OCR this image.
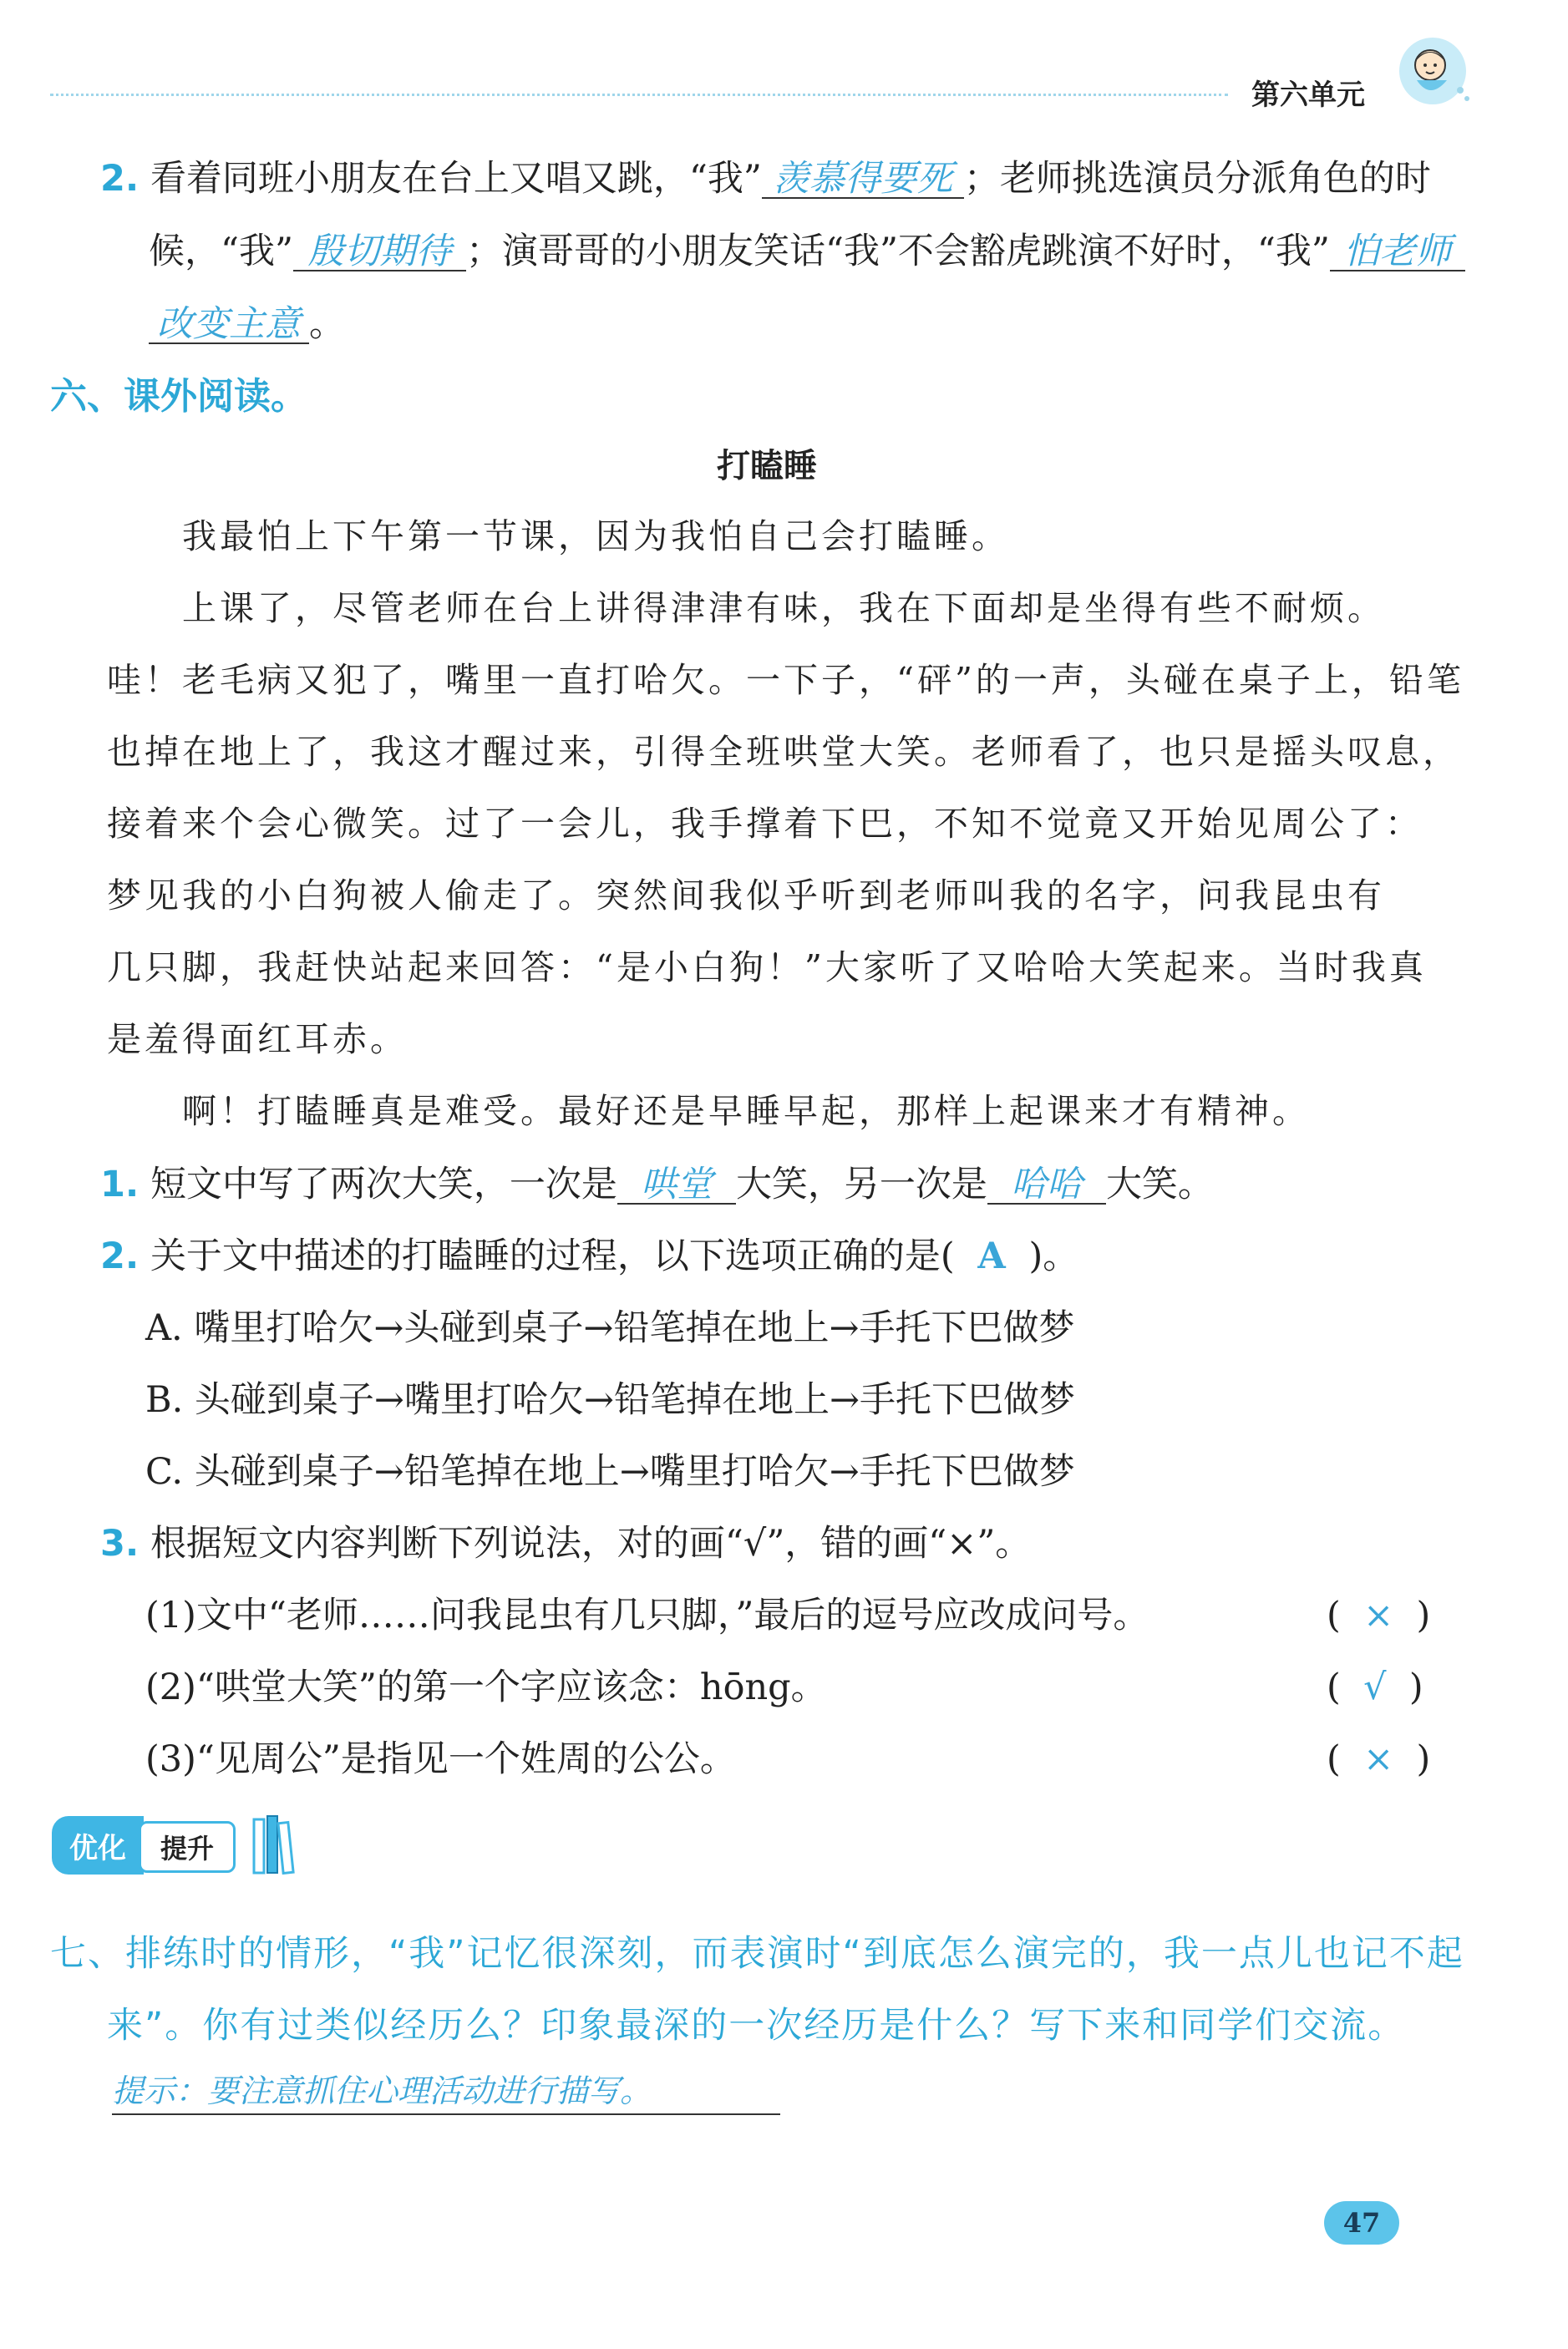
第六单元
2. 看着同班小朋友在台上又唱又跳，“我” 羡慕得要死 ；老师挑选演员分派角色的时
候，“我” 殷切期待 ；演哥哥的小朋友笑话“我”不会豁虎跳演不好时，“我” 怕老师
改变主意 。
六、课外阅读。
打瞌睡
我最怕上下午第一节课，因为我怕自己会打瞌睡。
上课了，尽管老师在台上讲得津津有味，我在下面却是坐得有些不耐烦。
哇！老毛病又犯了，嘴里一直打哈欠。一下子，“砰”的一声，头碰在桌子上，铅笔
也掉在地上了，我这才醒过来，引得全班哄堂大笑。老师看了，也只是摇头叹息，
接着来个会心微笑。过了一会儿，我手撑着下巴，不知不觉竟又开始见周公了：
梦见我的小白狗被人偷走了。突然间我似乎听到老师叫我的名字，问我昆虫有
几只脚，我赶快站起来回答：“是小白狗！”大家听了又哈哈大笑起来。当时我真
是羞得面红耳赤。
啊！打瞌睡真是难受。最好还是早睡早起，那样上起课来才有精神。
1. 短文中写了两次大笑，一次是 哄堂 大笑，另一次是 哈哈 大笑。
2. 关于文中描述的打瞌睡的过程，以下选项正确的是( A )。
A. 嘴里打哈欠→头碰到桌子→铅笔掉在地上→手托下巴做梦
B. 头碰到桌子→嘴里打哈欠→铅笔掉在地上→手托下巴做梦
C. 头碰到桌子→铅笔掉在地上→嘴里打哈欠→手托下巴做梦
3. 根据短文内容判断下列说法，对的画“√”，错的画“×”。
(1)文中“老师……问我昆虫有几只脚，”最后的逗号应改成问号。	(  ×  )
(2)“哄堂大笑”的第一个字应该念：hōng。	(  √  )
(3)“见周公”是指见一个姓周的公公。	(  ×  )
优化	提升
七、排练时的情形，“我”记忆很深刻，而表演时“到底怎么演完的，我一点儿也记不起
来”。你有过类似经历么？印象最深的一次经历是什么？写下来和同学们交流。
提示：要注意抓住心理活动进行描写。
47
